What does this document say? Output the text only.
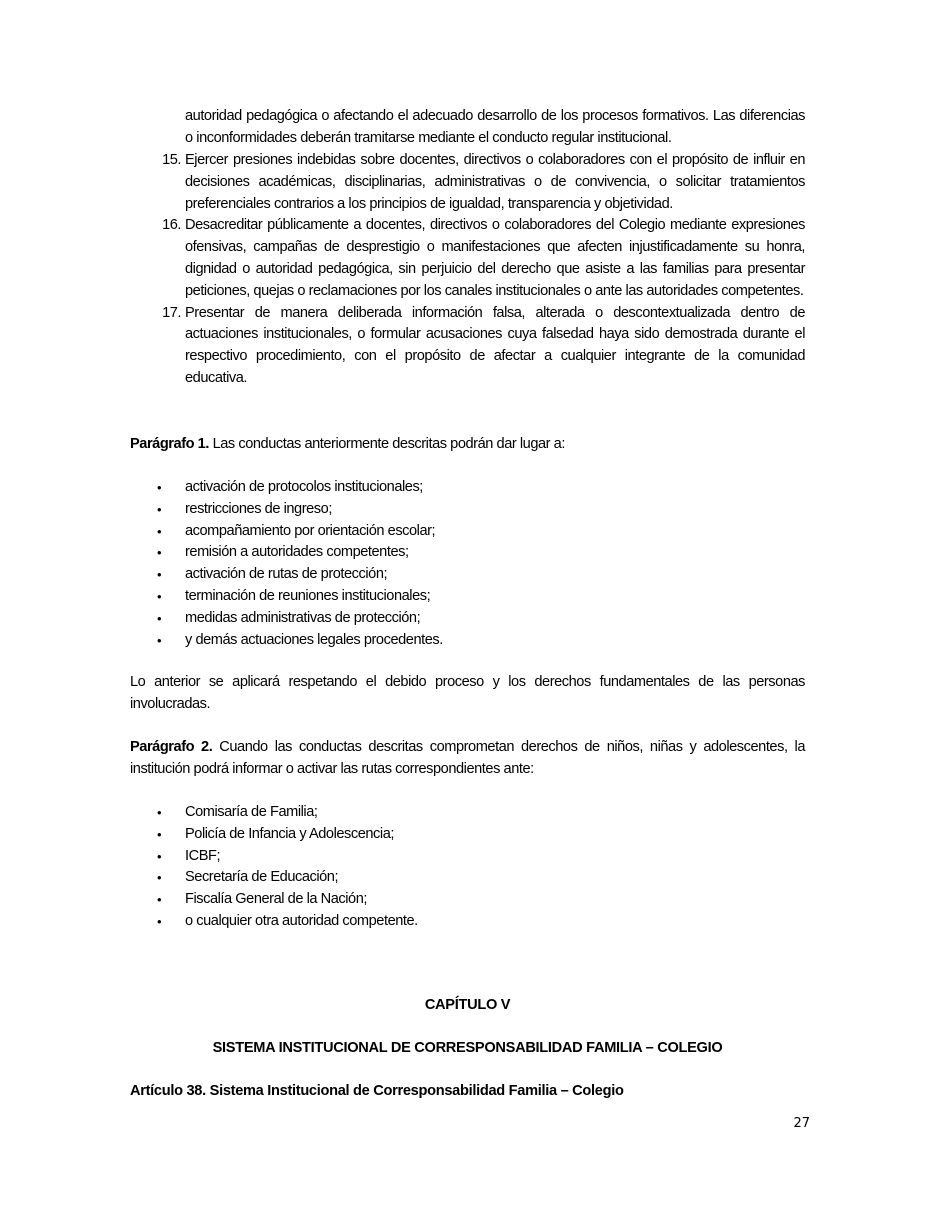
autoridad pedagógica o afectando el adecuado desarrollo de los procesos formativos. Las diferencias o inconformidades deberán tramitarse mediante el conducto regular institucional.
15. Ejercer presiones indebidas sobre docentes, directivos o colaboradores con el propósito de influir en decisiones académicas, disciplinarias, administrativas o de convivencia, o solicitar tratamientos preferenciales contrarios a los principios de igualdad, transparencia y objetividad.
16. Desacreditar públicamente a docentes, directivos o colaboradores del Colegio mediante expresiones ofensivas, campañas de desprestigio o manifestaciones que afecten injustificadamente su honra, dignidad o autoridad pedagógica, sin perjuicio del derecho que asiste a las familias para presentar peticiones, quejas o reclamaciones por los canales institucionales o ante las autoridades competentes.
17. Presentar de manera deliberada información falsa, alterada o descontextualizada dentro de actuaciones institucionales, o formular acusaciones cuya falsedad haya sido demostrada durante el respectivo procedimiento, con el propósito de afectar a cualquier integrante de la comunidad educativa.
Parágrafo 1. Las conductas anteriormente descritas podrán dar lugar a:
• activación de protocolos institucionales;
• restricciones de ingreso;
• acompañamiento por orientación escolar;
• remisión a autoridades competentes;
• activación de rutas de protección;
• terminación de reuniones institucionales;
• medidas administrativas de protección;
• y demás actuaciones legales procedentes.
Lo anterior se aplicará respetando el debido proceso y los derechos fundamentales de las personas involucradas.
Parágrafo 2. Cuando las conductas descritas comprometan derechos de niños, niñas y adolescentes, la institución podrá informar o activar las rutas correspondientes ante:
• Comisaría de Familia;
• Policía de Infancia y Adolescencia;
• ICBF;
• Secretaría de Educación;
• Fiscalía General de la Nación;
• o cualquier otra autoridad competente.
CAPÍTULO V
SISTEMA INSTITUCIONAL DE CORRESPONSABILIDAD FAMILIA – COLEGIO
Artículo 38. Sistema Institucional de Corresponsabilidad Familia – Colegio
27
